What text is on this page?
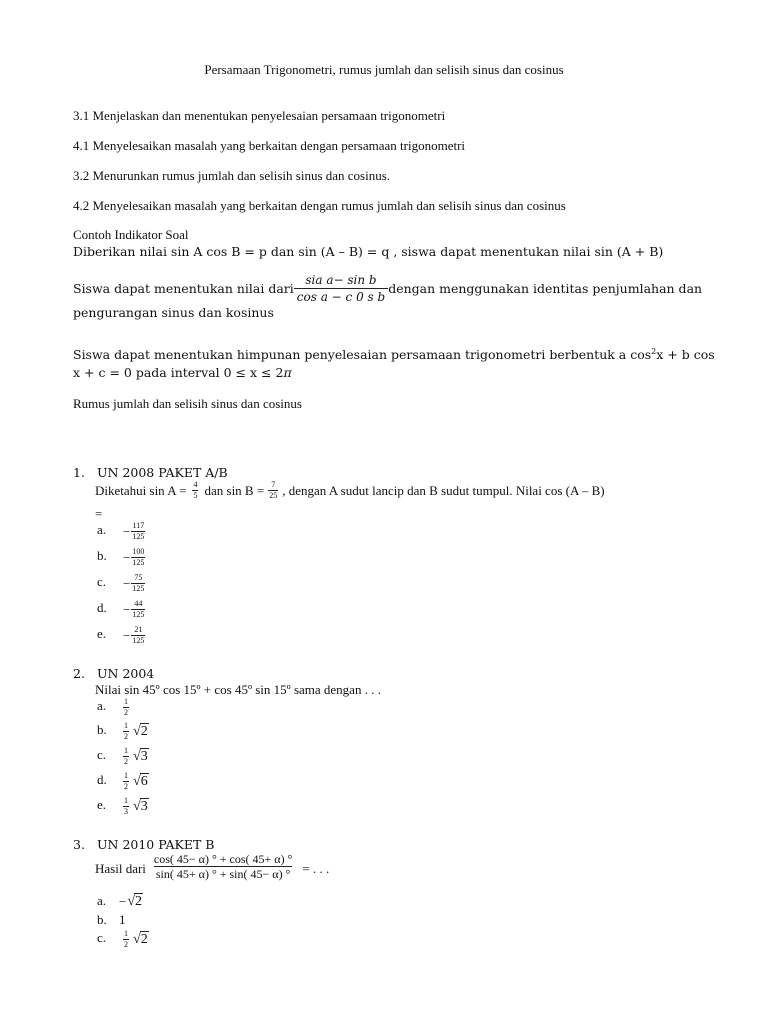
Persamaan Trigonometri, rumus jumlah dan selisih sinus dan cosinus
3.1 Menjelaskan dan menentukan penyelesaian persamaan trigonometri
4.1 Menyelesaikan masalah yang berkaitan dengan persamaan trigonometri
3.2 Menurunkan rumus jumlah dan selisih sinus dan cosinus.
4.2 Menyelesaikan masalah yang berkaitan dengan rumus jumlah dan selisih sinus dan cosinus
Contoh Indikator Soal
Diberikan nilai sin A cos B = p dan sin (A – B) = q , siswa dapat menentukan nilai sin (A + B)
Siswa dapat menentukan nilai dari $\frac{\text{sia a− sin b}}{\text{cos a − c 0 s b}}$ dengan menggunakan identitas penjumlahan dan
pengurangan sinus dan kosinus
Siswa dapat menentukan himpunan penyelesaian persamaan trigonometri berbentuk a $\cos^2x + b$ cos
x + c = 0 pada interval 0 ≤ x ≤ 2π
Rumus jumlah dan selisih sinus dan cosinus
1. UN 2008 PAKET A/B
Diketahui $\sin A = \frac{4}{5}$ dan $\sin B = \frac{7}{25}$ , dengan A sudut lancip dan B sudut tumpul. Nilai cos (A – B)
=
a. − $\frac{117}{125}$
b. − $\frac{100}{125}$
c. − $\frac{75}{125}$
d. − $\frac{44}{125}$
e. − $\frac{21}{125}$
2. UN 2004
Nilai sin 45º cos 15º + cos 45º sin 15º sama dengan . . .
a. $\frac{1}{2}$
b. $\frac{1}{2} √2$
c. $\frac{1}{2} √3$
d. $\frac{1}{2} √6$
e. $\frac{1}{3} √3$
3. UN 2010 PAKET B
Hasil dari $\frac{\cos( 45- \alpha) ^\circ + \cos( 45+ \alpha) ^\circ}{\sin( 45+ \alpha) ^\circ + \sin( 45- \alpha) ^\circ}$ = . . .
a. −√2
b. 1
c. $\frac{1}{2} √2$
